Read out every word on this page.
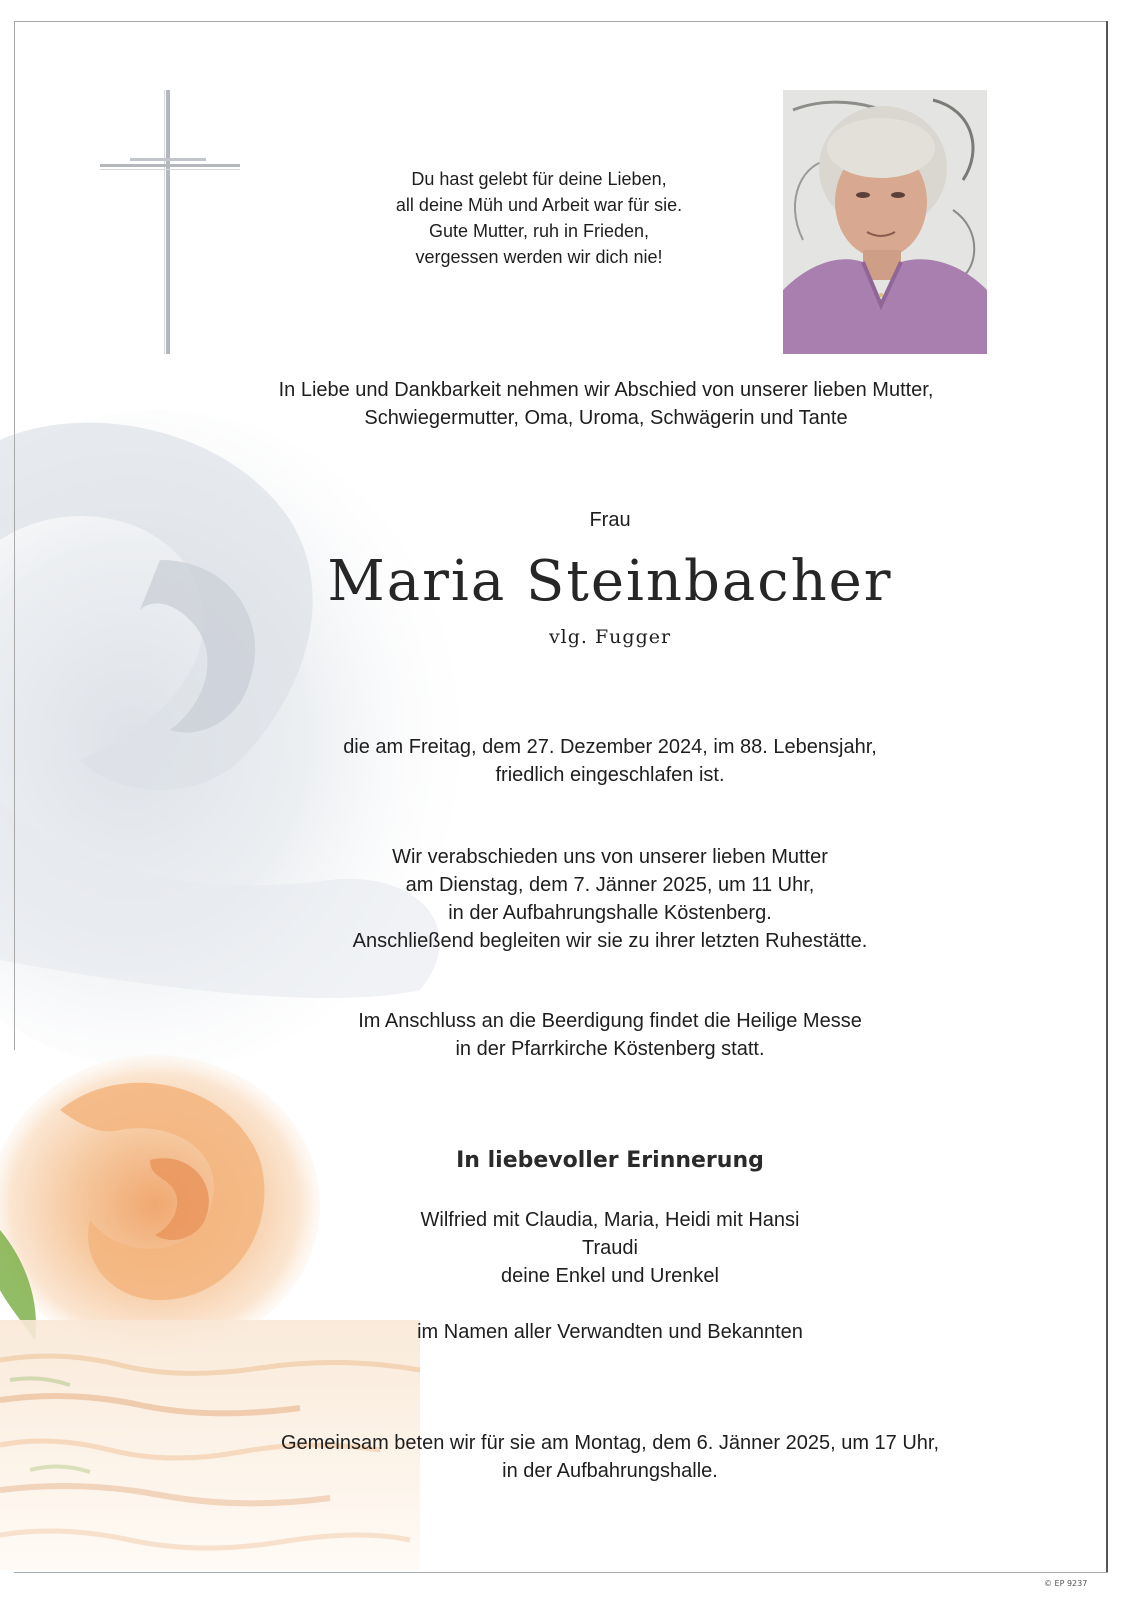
Du hast gelebt für deine Lieben,
all deine Müh und Arbeit war für sie.
Gute Mutter, ruh in Frieden,
vergessen werden wir dich nie!

In Liebe und Dankbarkeit nehmen wir Abschied von unserer lieben Mutter,
Schwiegermutter, Oma, Uroma, Schwägerin und Tante

Frau

Maria Steinbacher

vlg. Fugger

die am Freitag, dem 27. Dezember 2024, im 88. Lebensjahr,
friedlich eingeschlafen ist.

Wir verabschieden uns von unserer lieben Mutter
am Dienstag, dem 7. Jänner 2025, um 11 Uhr,
in der Aufbahrungshalle Köstenberg.
Anschließend begleiten wir sie zu ihrer letzten Ruhestätte.

Im Anschluss an die Beerdigung findet die Heilige Messe
in der Pfarrkirche Köstenberg statt.

In liebevoller Erinnerung

Wilfried mit Claudia, Maria, Heidi mit Hansi
Traudi
deine Enkel und Urenkel

im Namen aller Verwandten und Bekannten

Gemeinsam beten wir für sie am Montag, dem 6. Jänner 2025, um 17 Uhr,
in der Aufbahrungshalle.

© EP 9237
